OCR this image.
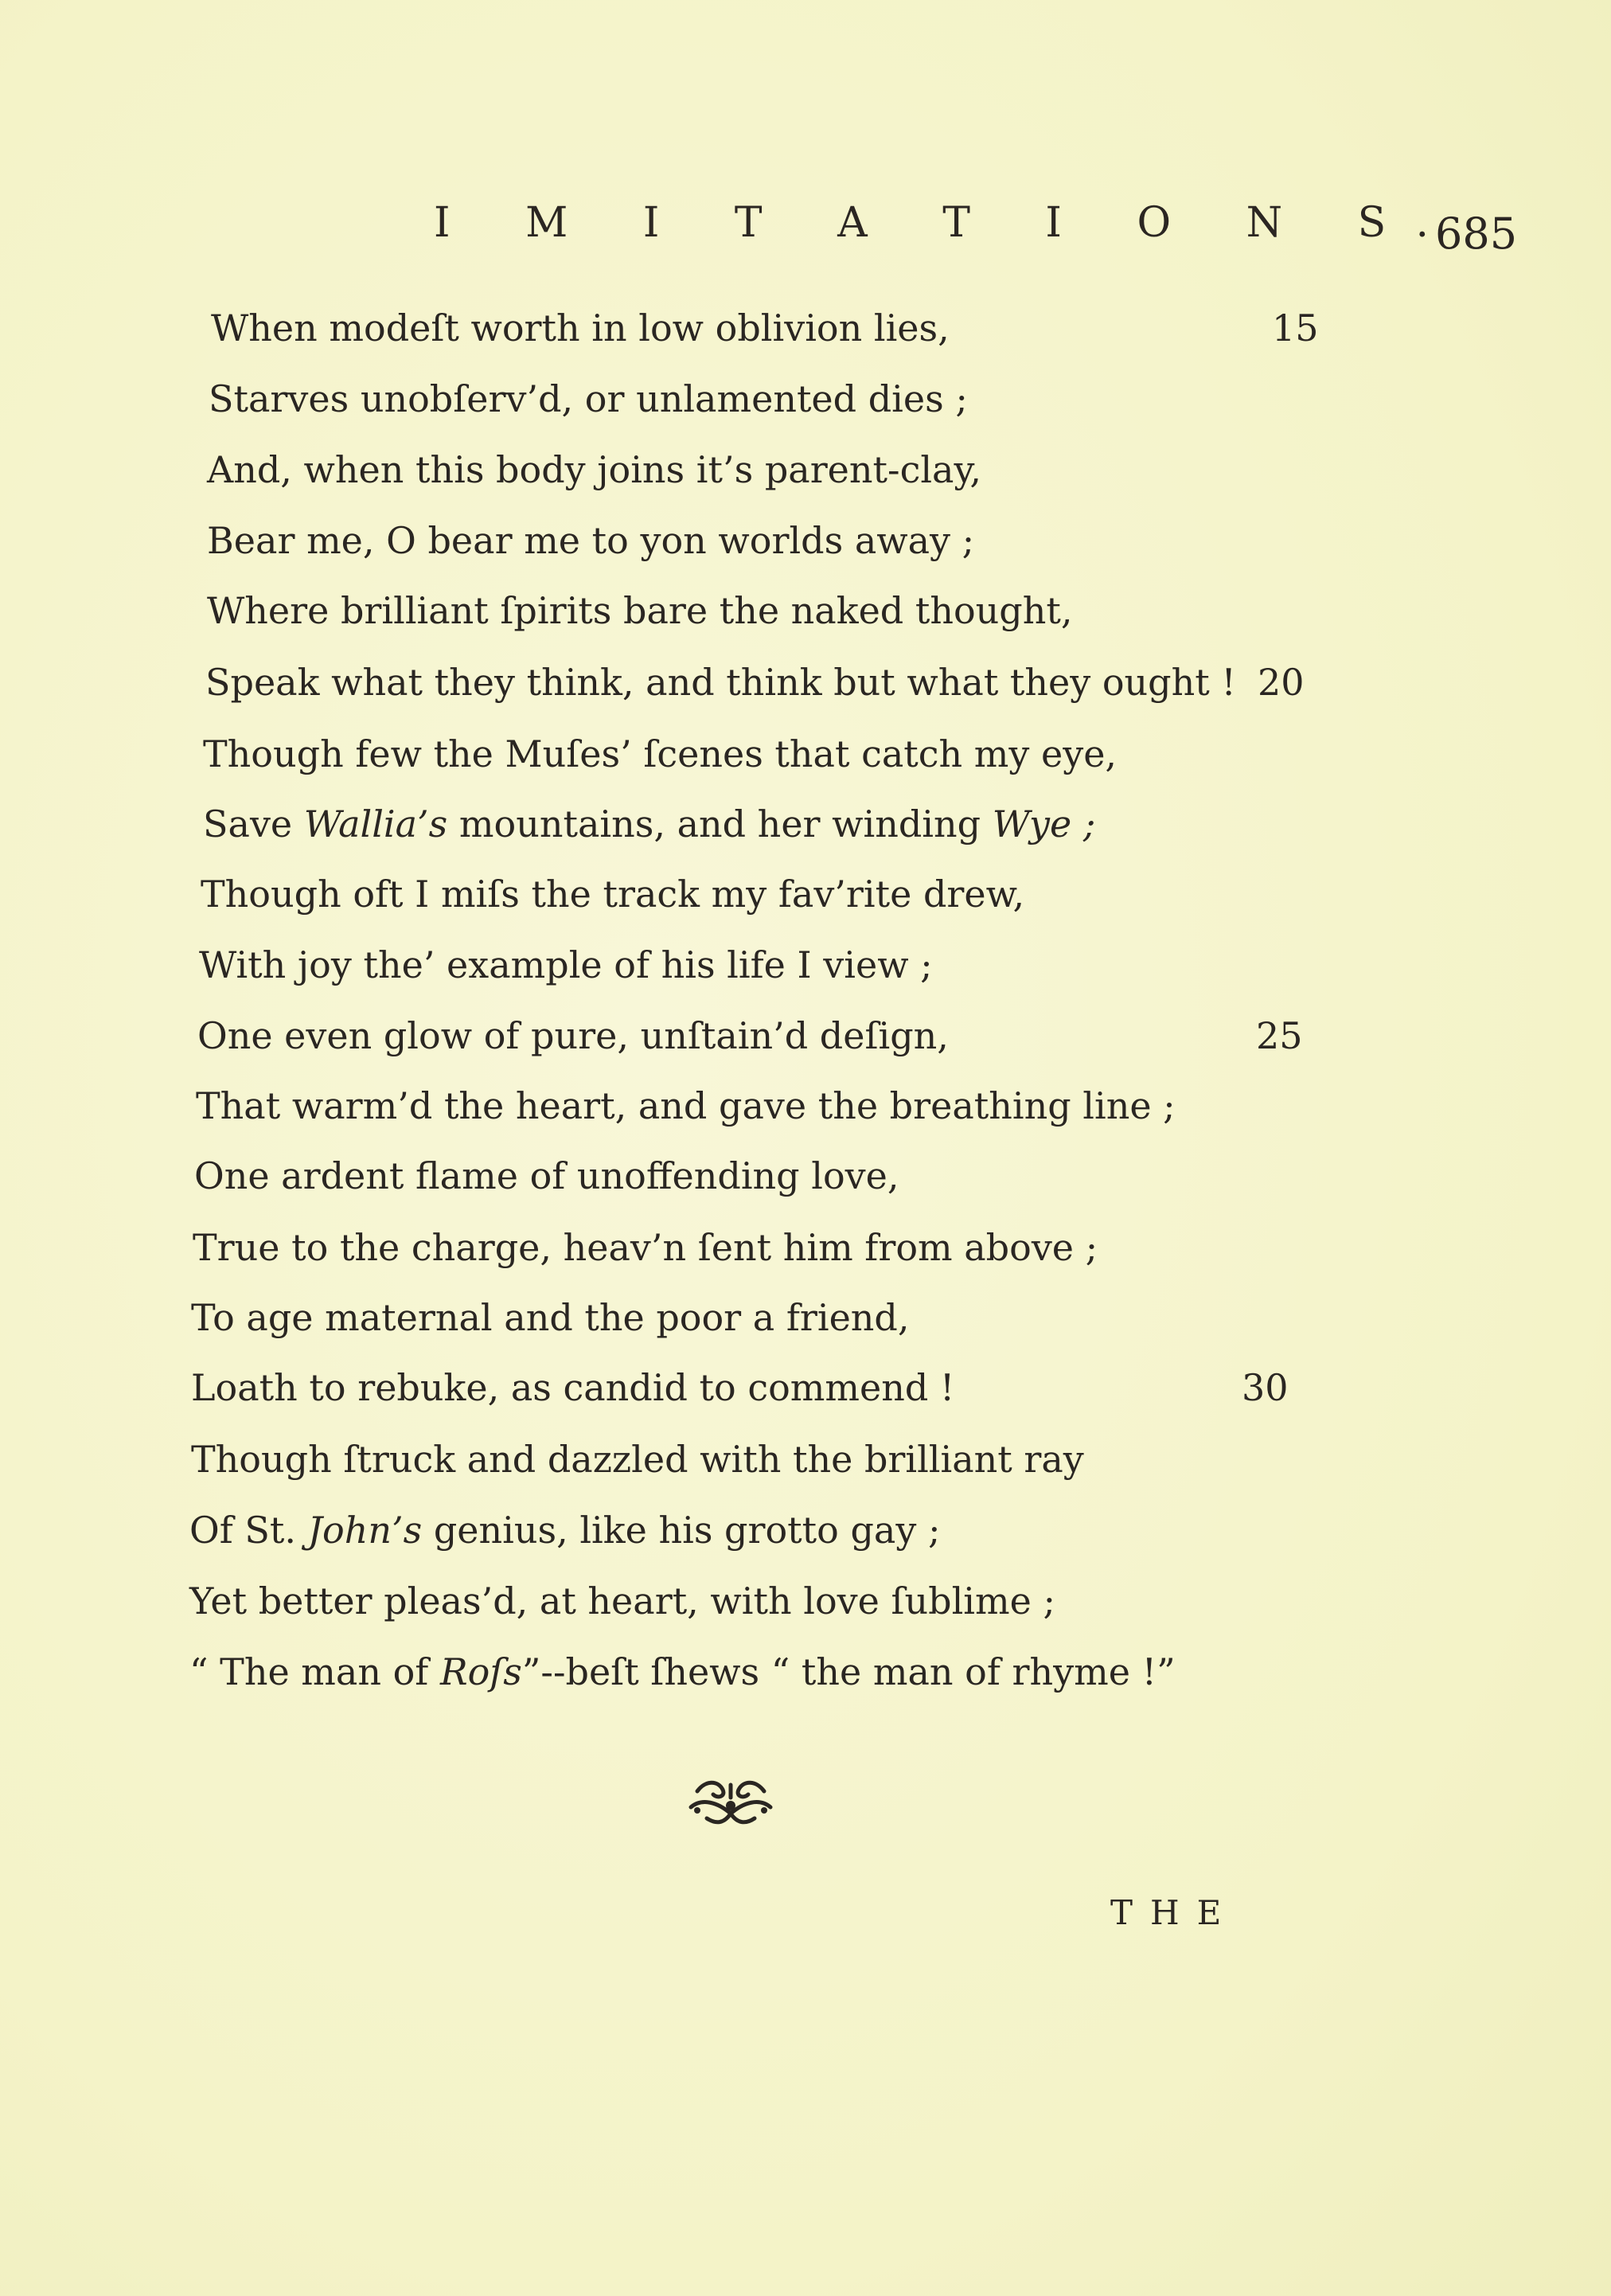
I M I T A T I O N S.
685
When modeſt worth in low oblivion lies,	15
Starves unobſerv’d, or unlamented dies ;
And, when this body joins it’s parent-clay,
Bear me, O bear me to yon worlds away ;
Where brilliant ſpirits bare the naked thought,
Speak what they think, and think but what they ought ! 20
Though few the Muſes’ ſcenes that catch my eye,
Save Wallia’s mountains, and her winding Wye ;
Though oft I miſs the track my fav’rite drew,
With joy the’ example of his life I view ;
One even glow of pure, unſtain’d deſign,	25
That warm’d the heart, and gave the breathing line ;
One ardent flame of unoffending love,
True to the charge, heav’n ſent him from above ;
To age maternal and the poor a friend,
Loath to rebuke, as candid to commend !	30
Though ſtruck and dazzled with the brilliant ray
Of St. John’s genius, like his grotto gay ;
Yet better pleas’d, at heart, with love ſublime ;
“ The man of Roſs”--beſt ſhews “ the man of rhyme !”
THE
